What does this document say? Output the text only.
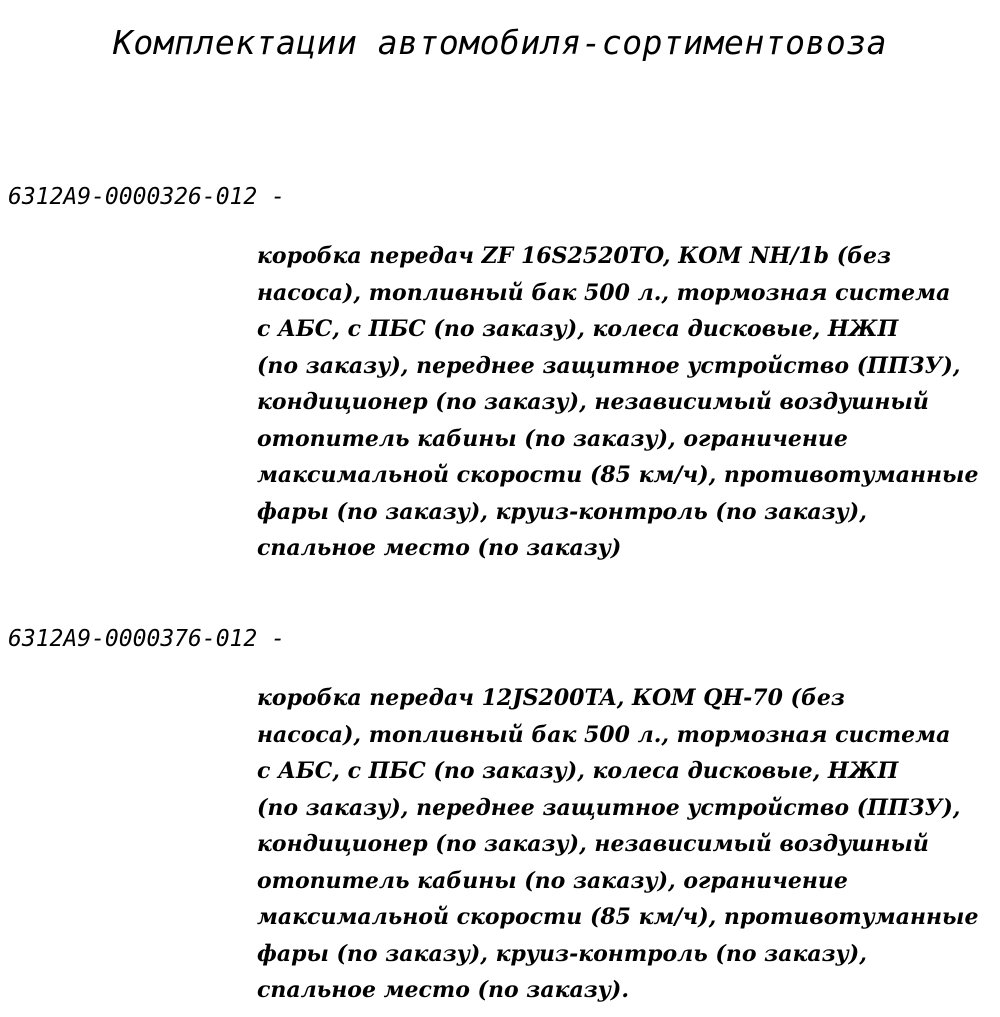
Комплектации автомобиля-сортиментовоза

6312А9-0000326-012 -

коробка передач ZF 16S2520TO, КОМ NH/1b (без
насоса), топливный бак 500 л., тормозная система
с АБС, с ПБС (по заказу), колеса дисковые, НЖП
(по заказу), переднее защитное устройство (ППЗУ),
кондиционер (по заказу), независимый воздушный
отопитель кабины (по заказу), ограничение
максимальной скорости (85 км/ч), противотуманные
фары (по заказу), круиз-контроль (по заказу),
спальное место (по заказу)

6312А9-0000376-012 -

коробка передач 12JS200TA, КОМ QH-70 (без
насоса), топливный бак 500 л., тормозная система
с АБС, с ПБС (по заказу), колеса дисковые, НЖП
(по заказу), переднее защитное устройство (ППЗУ),
кондиционер (по заказу), независимый воздушный
отопитель кабины (по заказу), ограничение
максимальной скорости (85 км/ч), противотуманные
фары (по заказу), круиз-контроль (по заказу),
спальное место (по заказу).
